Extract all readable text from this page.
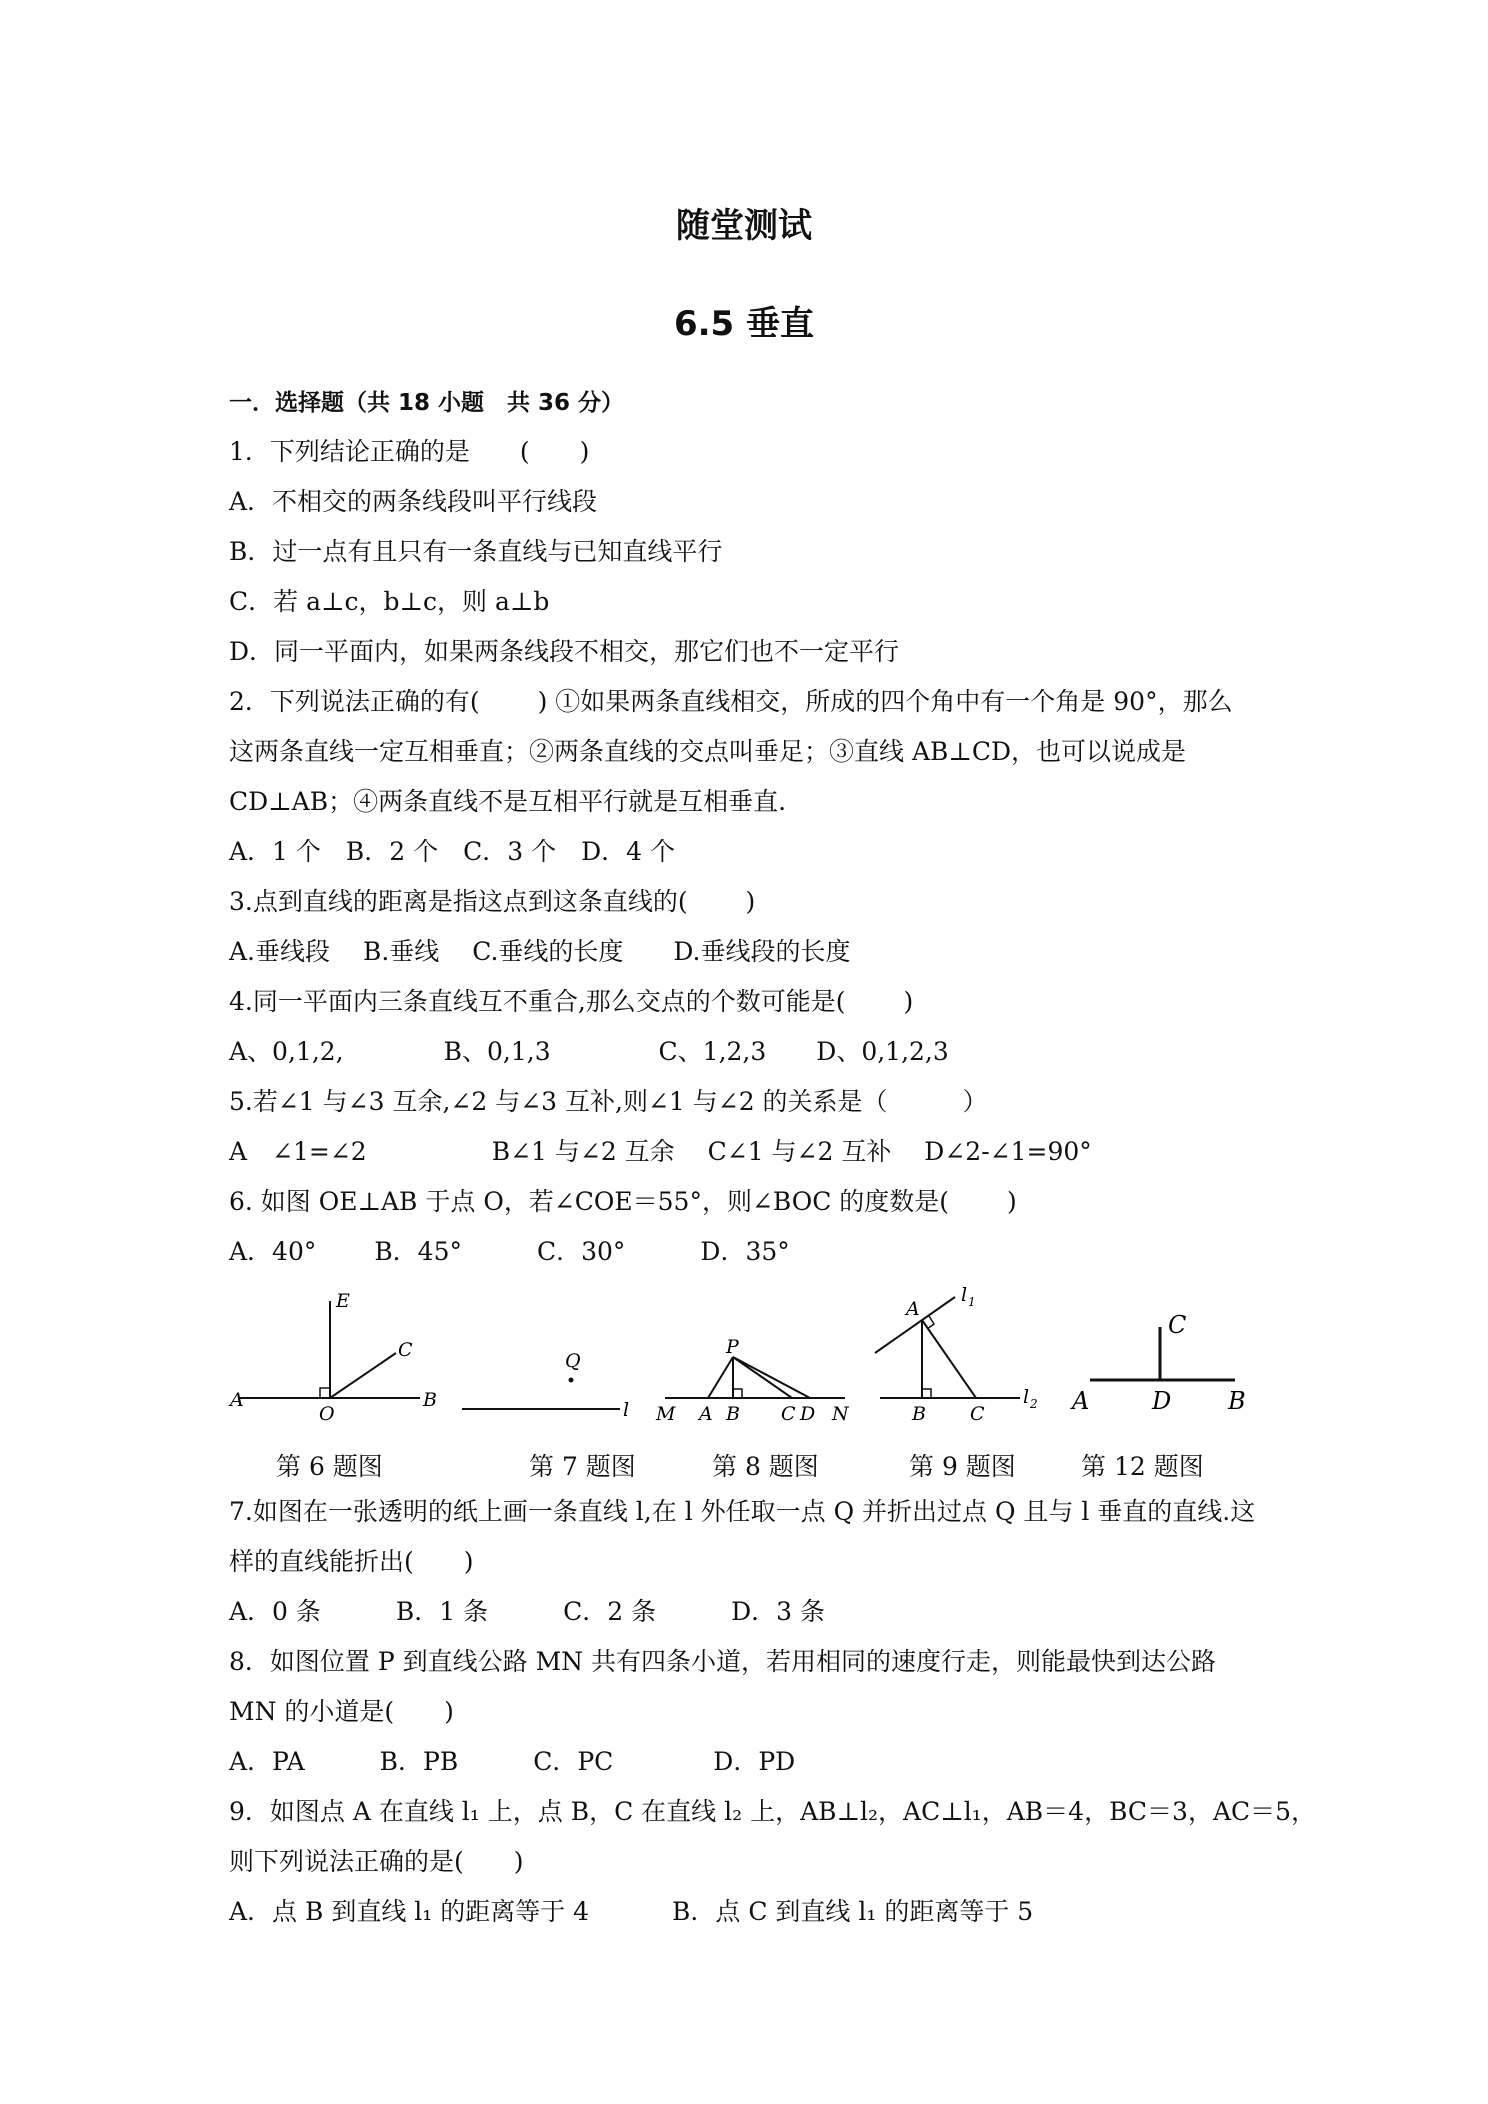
随堂测试
6.5 垂直
一．选择题（共 18 小题　共 36 分）
1．下列结论正确的是　　(　　)
A．不相交的两条线段叫平行线段
B．过一点有且只有一条直线与已知直线平行
C．若 a⊥c，b⊥c，则 a⊥b
D．同一平面内，如果两条线段不相交，那它们也不一定平行
2．下列说法正确的有(　　 ) ①如果两条直线相交，所成的四个角中有一个角是 90°，那么
这两条直线一定互相垂直；②两条直线的交点叫垂足；③直线 AB⊥CD，也可以说成是
CD⊥AB；④两条直线不是互相平行就是互相垂直.
A．1 个　B．2 个　C．3 个　D．4 个
3.点到直线的距离是指这点到这条直线的(　　 )
A.垂线段　 B.垂线　 C.垂线的长度　　D.垂线段的长度
4.同一平面内三条直线互不重合,那么交点的个数可能是(　　 )
A、0,1,2,　　　　B、0,1,3　　　　 C、1,2,3　　D、0,1,2,3
5.若∠1 与∠3 互余,∠2 与∠3 互补,则∠1 与∠2 的关系是（　　　）
A　∠1=∠2　　　　　B∠1 与∠2 互余　 C∠1 与∠2 互补　 D∠2-∠1=90°
6. 如图 OE⊥AB 于点 O，若∠COE＝55°，则∠BOC 的度数是(　　 )
A．40°　　 B．45°　　　C．30°　　　D．35°
A
O
B
E
C	Q
l
P
M A B C D N
A
l 1
B C
l 2
C
A	D B
第 6 题图	第 7 题图	第 8 题图	第 9 题图	第 12 题图
7.如图在一张透明的纸上画一条直线 l,在 l 外任取一点 Q 并折出过点 Q 且与 l 垂直的直线.这
样的直线能折出(　　)
A．0 条　　　B．1 条　　　C．2 条　　　D．3 条
8．如图位置 P 到直线公路 MN 共有四条小道，若用相同的速度行走，则能最快到达公路
MN 的小道是(　　)
A．PA　　　B．PB　　　C．PC　　　　D．PD
9．如图点 A 在直线 l₁ 上，点 B，C 在直线 l₂ 上，AB⊥l₂，AC⊥l₁，AB＝4，BC＝3，AC＝5，
则下列说法正确的是(　　)
A．点 B 到直线 l₁ 的距离等于 4　　　 B．点 C 到直线 l₁ 的距离等于 5
